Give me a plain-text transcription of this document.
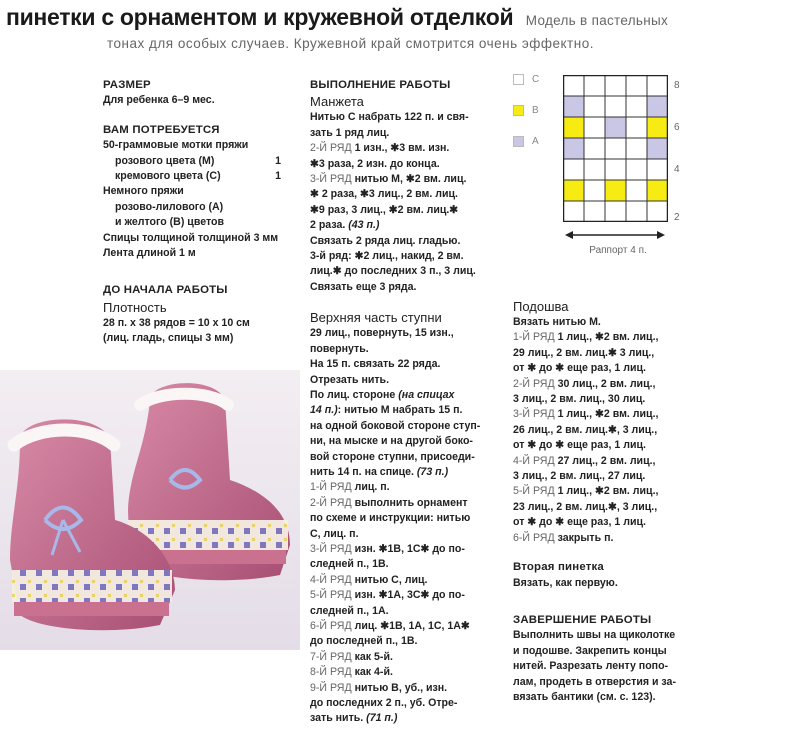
пинетки с орнаментом и кружевной отделкой Модель в пастельных
тонах для особых случаев. Кружевной край смотрится очень эффектно.

РАЗМЕР

Для ребенка 6–9 мес.

ВАМ ПОТРЕБУЕТСЯ

50-граммовые мотки пряжи

розового цвета (М)	1
кремового цвета (С)	1

Немного пряжи

розово-лилового (А)

и желтого (В) цветов

Спицы толщиной толщиной 3 мм

Лента длиной 1 м

ДО НАЧАЛА РАБОТЫ

Плотность

28 п. х 38 рядов = 10 х 10 см

(лиц. гладь, спицы 3 мм)

ВЫПОЛНЕНИЕ РАБОТЫ

Манжета

Нитью С набрать 122 п. и свя-

зать 1 ряд лиц.

2-Й РЯД 1 изн., ✱3 вм. изн.

✱3 раза, 2 изн. до конца.

3-Й РЯД нитью М, ✱2 вм. лиц.

✱ 2 раза, ✱3 лиц., 2 вм. лиц.

✱9 раз, 3 лиц., ✱2 вм. лиц.✱

2 раза. (43 п.)

Связать 2 ряда лиц. гладью.

3-й ряд: ✱2 лиц., накид, 2 вм.

лиц.✱ до последних 3 п., 3 лиц.

Связать еще 3 ряда.

Верхняя часть ступни

29 лиц., повернуть, 15 изн.,

повернуть.

На 15 п. связать 22 ряда.

Отрезать нить.

По лиц. стороне (на спицах

14 п.): нитью М набрать 15 п.

на одной боковой стороне ступ-

ни, на мыске и на другой боко-

вой стороне ступни, присоеди-

нить 14 п. на спице. (73 п.)

1-Й РЯД лиц. п.

2-Й РЯД выполнить орнамент

по схеме и инструкции: нитью

С, лиц. п.

3-Й РЯД изн. ✱1В, 1С✱ до по-

следней п., 1В.

4-Й РЯД нитью С, лиц.

5-Й РЯД изн. ✱1А, 3С✱ до по-

следней п., 1А.

6-Й РЯД лиц. ✱1В, 1А, 1С, 1А✱

до последней п., 1В.

7-Й РЯД как 5-й.

8-Й РЯД как 4-й.

9-Й РЯД нитью В, уб., изн.

до последних 2 п., уб. Отре-

зать нить. (71 п.)

Подошва

Вязать нитью М.

1-Й РЯД 1 лиц., ✱2 вм. лиц.,

29 лиц., 2 вм. лиц.✱ 3 лиц.,

от ✱ до ✱ еще раз, 1 лиц.

2-Й РЯД 30 лиц., 2 вм. лиц.,

3 лиц., 2 вм. лиц., 30 лиц.

3-Й РЯД 1 лиц., ✱2 вм. лиц.,

26 лиц., 2 вм. лиц.✱, 3 лиц.,

от ✱ до ✱ еще раз, 1 лиц.

4-Й РЯД 27 лиц., 2 вм. лиц.,

3 лиц., 2 вм. лиц., 27 лиц.

5-Й РЯД 1 лиц., ✱2 вм. лиц.,

23 лиц., 2 вм. лиц.✱, 3 лиц.,

от ✱ до ✱ еще раз, 1 лиц.

6-Й РЯД закрыть п.

Вторая пинетка

Вязать, как первую.

ЗАВЕРШЕНИЕ РАБОТЫ

Выполнить швы на щиколотке

и подошве. Закрепить концы

нитей. Разрезать ленту попо-

лам, продеть в отверстия и за-

вязать бантики (см. с. 123).

С
В
А
8
6
4
2
Раппорт 4 п.
